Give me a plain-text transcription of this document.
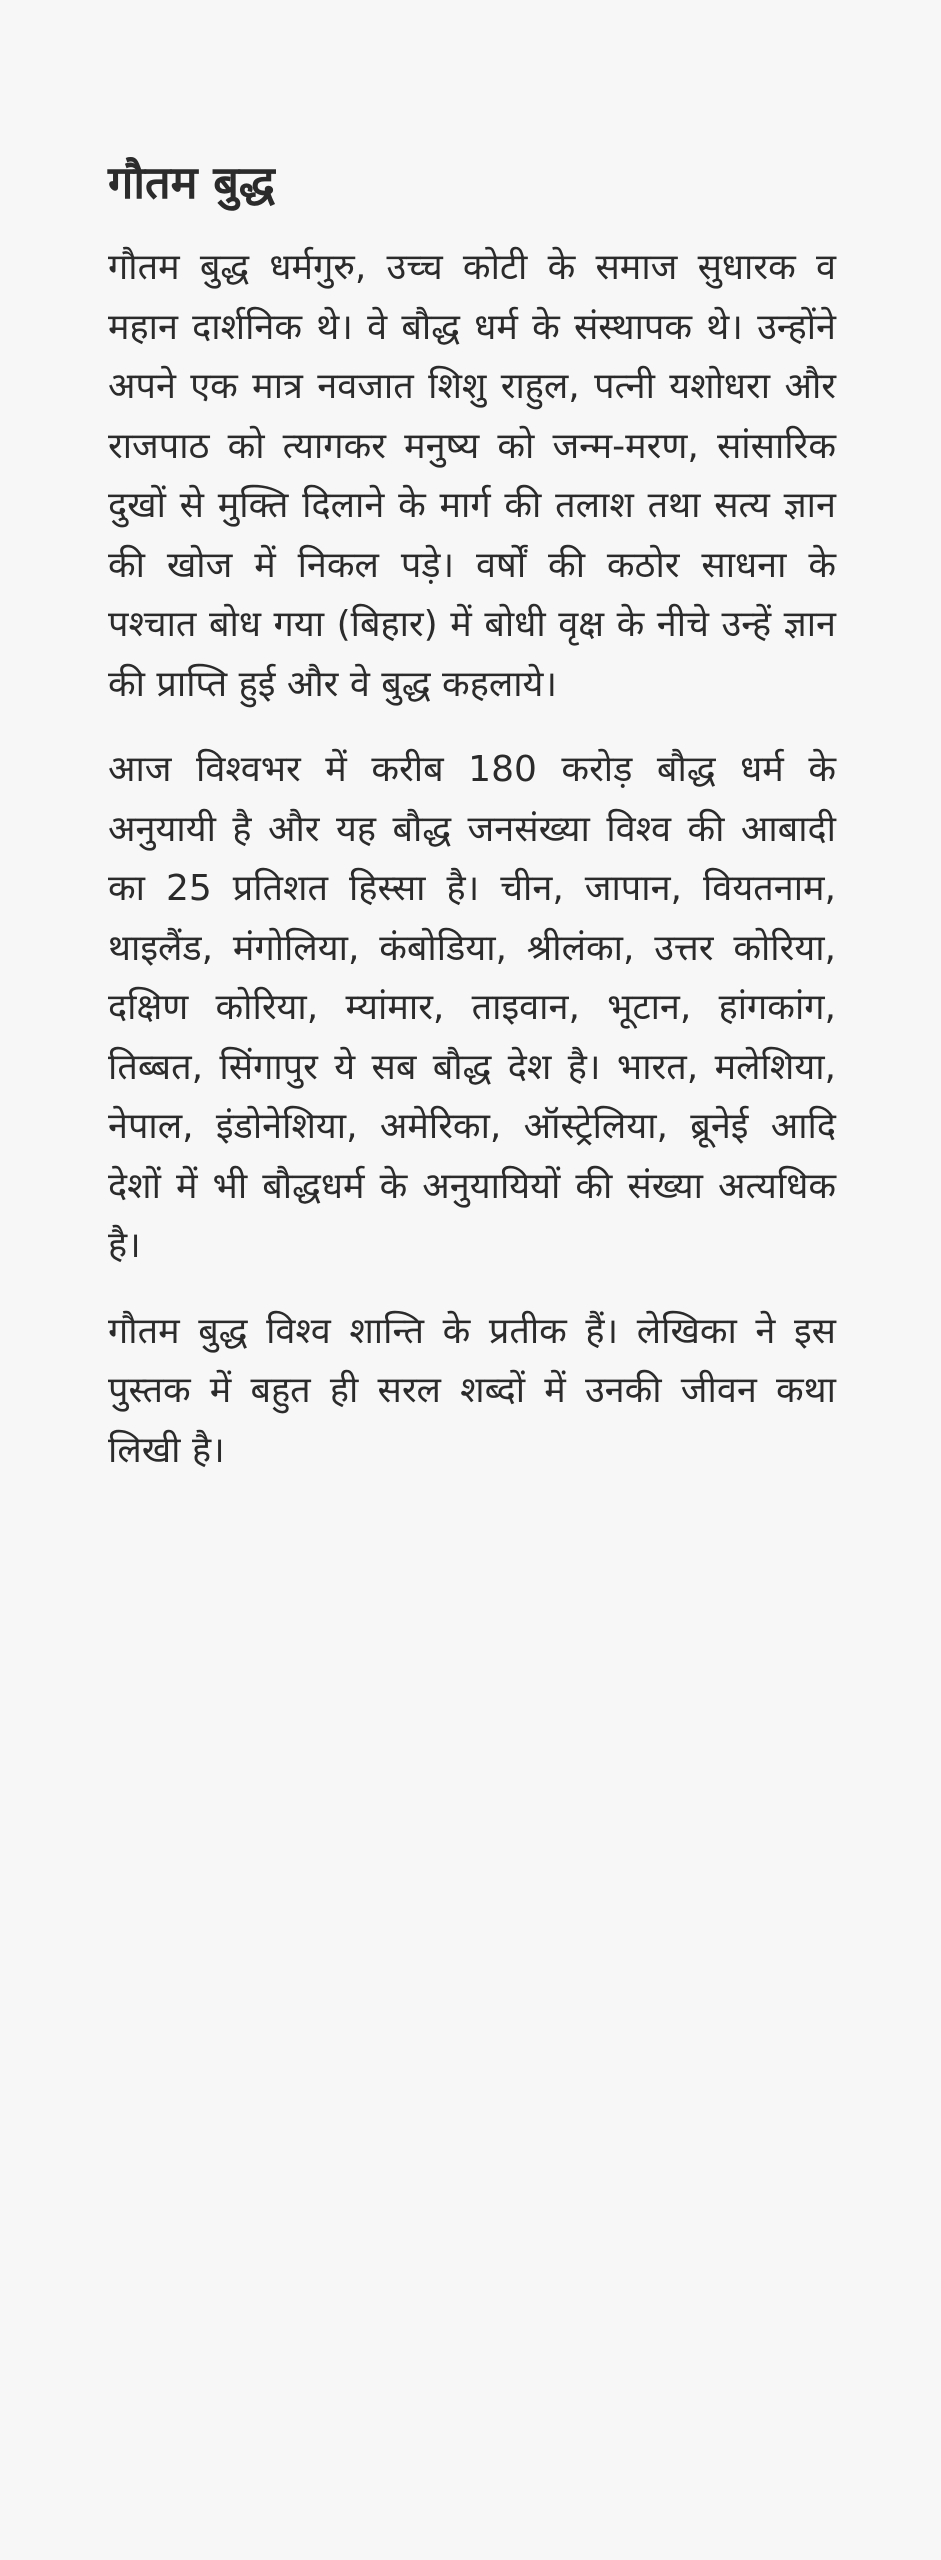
गौतम बुद्ध

गौतम बुद्ध धर्मगुरु, उच्च कोटी के समाज सुधारक व महान दार्शनिक थे। वे बौद्ध धर्म के संस्थापक थे। उन्होंने अपने एक मात्र नवजात शिशु राहुल, पत्नी यशोधरा और राजपाठ को त्यागकर मनुष्य को जन्म-मरण, सांसारिक दुखों से मुक्ति दिलाने के मार्ग की तलाश तथा सत्य ज्ञान की खोज में निकल पड़े। वर्षों की कठोर साधना के पश्चात बोध गया (बिहार) में बोधी वृक्ष के नीचे उन्हें ज्ञान की प्राप्ति हुई और वे बुद्ध कहलाये।

आज विश्वभर में करीब 180 करोड़ बौद्ध धर्म के अनुयायी है और यह बौद्ध जनसंख्या विश्व की आबादी का 25 प्रतिशत हिस्सा है। चीन, जापान, वियतनाम, थाइलैंड, मंगोलिया, कंबोडिया, श्रीलंका, उत्तर कोरिया, दक्षिण कोरिया, म्यांमार, ताइवान, भूटान, हांगकांग, तिब्बत, सिंगापुर ये सब बौद्ध देश है। भारत, मलेशिया, नेपाल, इंडोनेशिया, अमेरिका, ऑस्ट्रेलिया, ब्रूनेई आदि देशों में भी बौद्धधर्म के अनुयायियों की संख्या अत्यधिक है।

गौतम बुद्ध विश्व शान्ति के प्रतीक हैं। लेखिका ने इस पुस्तक में बहुत ही सरल शब्दों में उनकी जीवन कथा लिखी है।
